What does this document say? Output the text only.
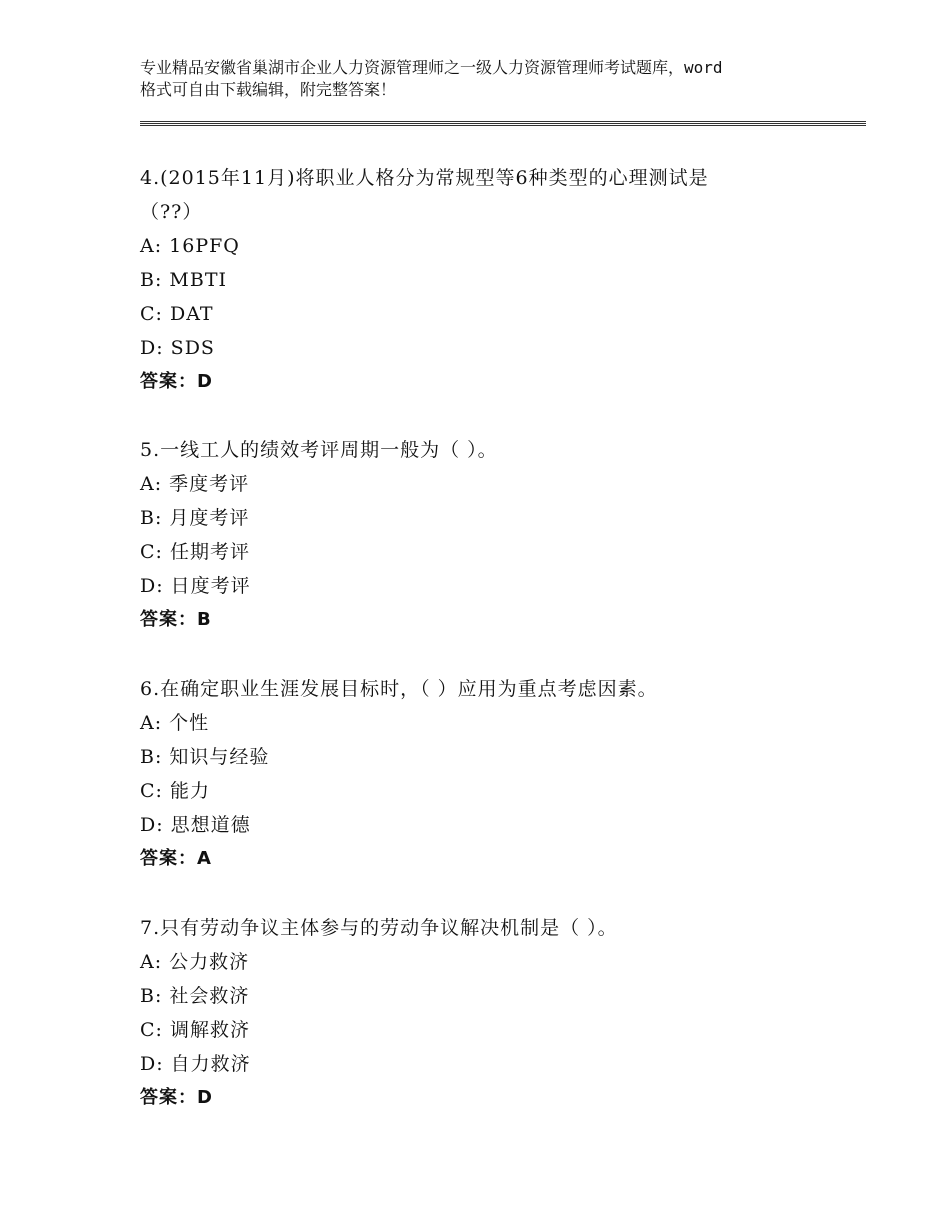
专业精品安徽省巢湖市企业人力资源管理师之一级人力资源管理师考试题库，word
格式可自由下载编辑，附完整答案！
4.(2015年11月)将职业人格分为常规型等6种类型的心理测试是
（??）
A: 16PFQ
B: MBTI
C: DAT
D: SDS
答案：D
5.一线工人的绩效考评周期一般为（ ）。
A: 季度考评
B: 月度考评
C: 任期考评
D: 日度考评
答案：B
6.在确定职业生涯发展目标时，（ ）应用为重点考虑因素。
A: 个性
B: 知识与经验
C: 能力
D: 思想道德
答案：A
7.只有劳动争议主体参与的劳动争议解决机制是（ ）。
A: 公力救济
B: 社会救济
C: 调解救济
D: 自力救济
答案：D
